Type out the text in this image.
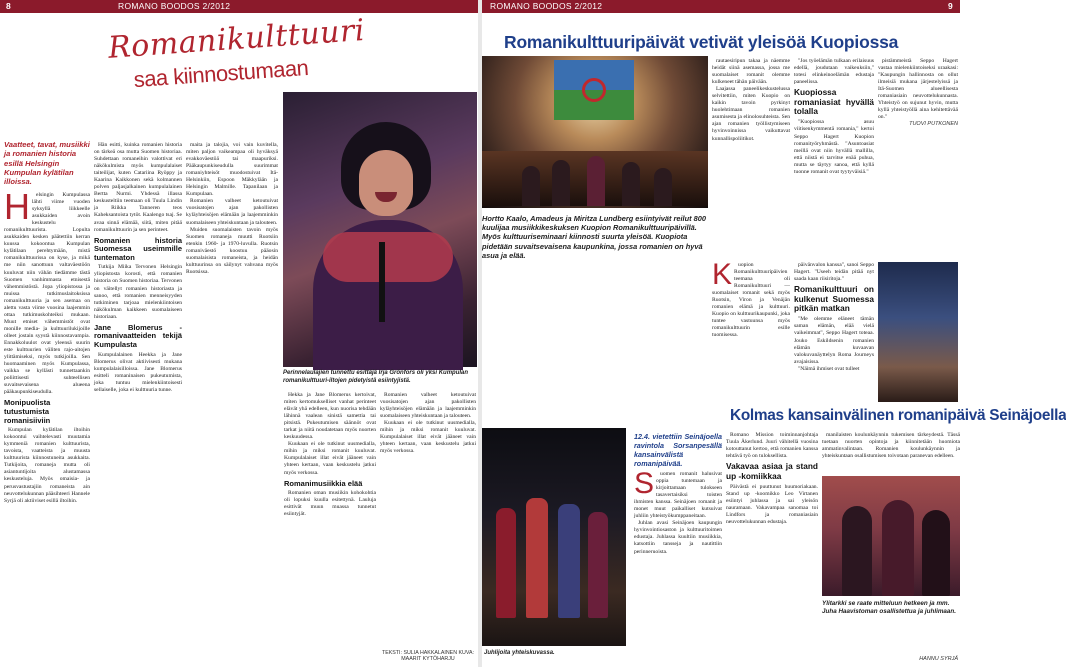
8	ROMANO BOODOS 2/2012
Romanikulttuuri
saa kiinnostumaan
Vaatteet, tavat, musiikki ja romanien historia esillä Helsingin Kumpulan kylätilan illoissa.
H	elsingin Kumpulassa lähti viime vuoden syksyllä liikkeelle asukkaiden avoin keskustelu romanikulttuurista. Lopulta asukkaiden kesken päätettiin kerran kuussa kokoontua Kumpulan kylätilaan perehtymään, mistä romanikulttuurissa on kyse, ja mikä me niin sanottuun valtaväestöön kuuluvat niin vähän tiedämme tästä Suomen vanhimmasta etnisestä vähemmistöstä. Jopa yliopistossa ja muissa tutkimuslaitoksissa romanikulttuuria ja sen asemaa on alettu vasta viime vuosina laajemmin ottaa tutkimuskohteiksi mukaan. Muut etniset vähemmistöt ovat monille media- ja kulttuurilukijoille olleet jostain syystä kiinnostavampia. Ennakkoluulot ovat yleensä suurin este kulttuurien väliten rajo-aitojen ylittämiseksi, myös tutkijoilla. Sen huomaaminen myös Kumpulassa, vaikka se kyllästi tunnettaankin poliittisesti suhteellisen suvaitsevaisena alueena pääkaupunkiseudulla.

Monipuolista tutustumista romanisiiviin

Kumpulan kylätilan iltoihin kokoontui vaihtelevasti muutamia kymmeniä romanien kulttuurista, tavoista, vaatteista ja muusta kulttuurista kiinnostuneita asukkaita. Tutkijoita, romaneja mutta oli asiantuntijoita alustamassa keskusteluja. Myös omaisia- ja perusvastustajiin romaneista ain neuvottelukunnan pääsihteeri Hannele Syrjä oli aktiiviset esillä iltoihin.

Hän esitti, kuinka romanien historia on tärkeä osa mutta Suomen historiaa. Suhdettaan romaneihin valottivat eri näkökulmista myös kumpulalaiset taiteilijat, kuten Catariina Ryöppy ja Kaarina Kaikkonen sekä kolmannen polven paljasjalkainen kumpulalainen Bertta Nurmi. Yhdessä illassa keskusteltiin teemaan oli Tuula Lindin ja Riikka Tanneren teos Kaheksantoista tytöt. Kaalengo tsaj. Se avaa sinnä elämää, siitä, miten pitää romanikulttuurin ja sen perinteet.

Romanien historia Suomessa useimmille tuntematon

Tutkija Miika Tervonen Helsingin yliopistosta korosti, että romanien historia on Suomen historiaa. Tervonen on väitellyt romanien historiasta ja sanoo, että romanien menneisyyden tutkiminen tarjoaa mielenkiintoisen näkökulman kaikkeen suomalaiseen historiaan.

Jane Blomerus - romanivaatteiden tekijä Kumpulasta

Kumpulalainen Heekka ja Jane Blomerus olivat aktiivisesti mukana kumpulalaisilloissa. Jane Blomerus esitteli romaninaisen pukeutumista, joka tuntuu mielenkiintoisesti sellaiselle, joka ei kulttuuria tunne.

maita ja talojia, voi vain kuvitella, miten paljon vaikeampaa oli hyväksyä evakkoväestöä tai maapuriksi. Pääkaupunkiseudulla suurimmat romaniyhteisöt muodostuivat Itä-Helsinkiin, Espoon Mäkkylään ja Helsingin Malmille. Tapanilaan ja Kumpulaan.

Romanien valheet ketoutuivat vuosisatojen ajan pakollisten kyläyhteisöjen elämään ja laajemminkin suomalaiseen yhteiskuntaan ja talouteen.

Muiden suomalaisten tavoin myös Suomen romaneja muutti Ruotsiin etenkin 1960- ja 1970-luvulla. Ruotsin romaniväestö koostuu pääosin suomalaisista romaneista, ja heidän kulttuurinsa on säilynyt vahvana myös Ruotsissa.

Perinnelaulajien tunnettu esittäjä Irja Grönfors oli yksi Kumpulan romanikulttuuri-iltojen pidetyistä esiintyjistä.

Hekka ja Jane Blomerus kertoivat, miten kertomukselliset vanhat perinteet elävät yhä edelleen, kun nuorisa tehdään lähinnä vaalean sinistä samettia tai pitsistä. Pukeutumisen säännöt ovat tarkat ja niitä noudatetaan myös nuorten keskuudessa.

Kuukaan ei ole tutkinut uusmedialla, mihin ja miksi romanit kuuluvat. Kumpulalaiset illat eivät jääneet vain yhteen kertaan, vaan keskustelu jatkui myös verkossa.

Romanimusiikkia elää

Romanien oman musiikin kohokohtia oli lopuksi kuulla esitettynä. Lauluja esittivät muun muassa tunnetut esiintyjät.

Romanien valheet ketoutuivat vuosisatojen ajan pakollisten kyläyhteisöjen elämään ja laajemminkin suomalaiseen yhteiskuntaan ja talouteen.

Kuukaan ei ole tutkinut uusmedialla, mihin ja miksi romanit kuuluvat. Kumpulalaiset illat eivät jääneet vain yhteen kertaan, vaan keskustelu jatkui myös verkossa.

TEKSTI: SULIA HAKKALAINEN KUVA: MAARIT KYTÖHARJU
ROMANO BOODOS 2/2012	9
Romanikulttuuripäivät vetivät yleisöä Kuopiossa
Hortto Kaalo, Amadeus ja Miritza Lundberg esiintyivät reilut 800 kuulijaa musiikkikeskuksen Kuopion Romanikulttuuripäivillä. Myös kulttuuriseminaari kiinnosti suurta yleisöä. Kuopiota pidetään suvaitsevaisena kaupunkina, jossa romanien on hyvä asua ja elää.

rautaesiripun takaa ja näemme heidät siinä asemassa, jossa me suomalaiset romanit olemme kulkeneet tähän päivään.

Laajassa paneelikeskustelussa selvitettiin, miten Kuopio on kaikin tavoin pyrkinyt huolehtimaan romanien asumisesta ja elinolosuhteista. Sen ajan romanien työllistymiseen hyvinvoinnissa vaikuttavat kunnallispoliitikot.

"Jos työelämän tulkaan erilaisuus edellä, joudutaan vaikeuksiin," totesi elinkeinoelämän edustaja paneelissa.

Kuopiossa romaniasiat hyvällä tolalla

"Kuopiossa asuu viitisenkymmentä romania," kertoi Seppo Hagert Kuopion romanityöryhmästä. "Asuntoasiat meillä ovat niin hyvällä mallilla, että niistä ei tarvitse enää puhua, mutta se täytyy sanoa, että kyllä tuonne romanit ovat tyytyväisiä."

pistämmeistä Seppo Hagert vastaa mielenkiintoiseksi uraakasi: "Kaupungin hallinnosta on ollut ilmeisiä mukana järjestelyissä ja Itä-Suomen alueellisesta romaniasiain neuvottelukunnasta. Yhteistyö on sujunut hyvin, mutta kyllä yhteistyöllä aina kehitettävää on."

TUOVI PUTKONEN
K	uopion Romanikulttuuripäivien teemana oli Romanikulttuuri — suomalaiset romanit sekä myös Ruotsin, Viron ja Venäjän romanien elämä ja kulttuuri. Kuopio on kulttuurikaupunki, joka tuntee vastuunsa myös romanikulttuurin esille tuomisessa.

päivänvalon kanssa", sanoi Seppo Hagert. "Useeh teidän pitää nyt saada kaan riisiritoja."

Romanikulttuuri on kulkenut Suomessa pitkän matkan

"Me olemme eläneet tämän saman elämän, elää vielä vaikeimmat", Seppo Hagert toteaa. Jouko Eskildsenin romanien elämän kuvaavan valokuvanäyttelyn Roma Journeys avajaisissa.

"Näimä ihmiset ovat tulleet

Kolmas kansainvälinen romanipäivä Seinäjoella
Juhlijoita yhteiskuvassa.
12.4. vietettiin Seinäjoella ravintola Sorsanpesällä kansainvälistä romanipäivää.
S	uomen romanit halusivat oppia tuntemaan ja kirjoittamaan tulokseen tasavertaisiksi toisten ihmisten kanssa. Seinäjoen romanit ja monet muut paikalliset kutsuivat juhliin yhteistyökumppaneitaan.

Juhlan avasi Seinäjoen kaupungin hyvinvointiosaston ja kulttuuritoimen edustaja. Juhlassa kuultiin musiikkia, katsottiin tansseja ja nautittiin perinneruoista.

Romano Mission toiminnanjohtaja Tuula Åkerlund. Juuri vähitellä vuosina kotouttanut kertoo, että romanien kanssa tehtävä työ on tuloksellista.

Vakavaa asiaa ja stand up -komiikkaa

Päivästä ei puuttunut huumoriakaan. Stand up -koomikko Leo Virtanen esiintyi juhlassa ja sai yleisön nauramaan. Vakavampaa sanomaa toi Lindfors ja romaniasiain neuvottelukunnan edustaja.

manilaisten koulunkäynnin tukemisen tärkeydestä. Tässä tuetaan nuorten opintoja ja kiinnitetään huomiota ammatinvalintaan. Romanien koulunkäynnin ja yhteiskuntaan osallistumisen toivotaan paranevan edelleen.

Ylitarkki se raate mitteluun hetkeen ja mm. Juha Haavistoman osallistettua ja juhlimaan.
HANNU SYRJÄ
